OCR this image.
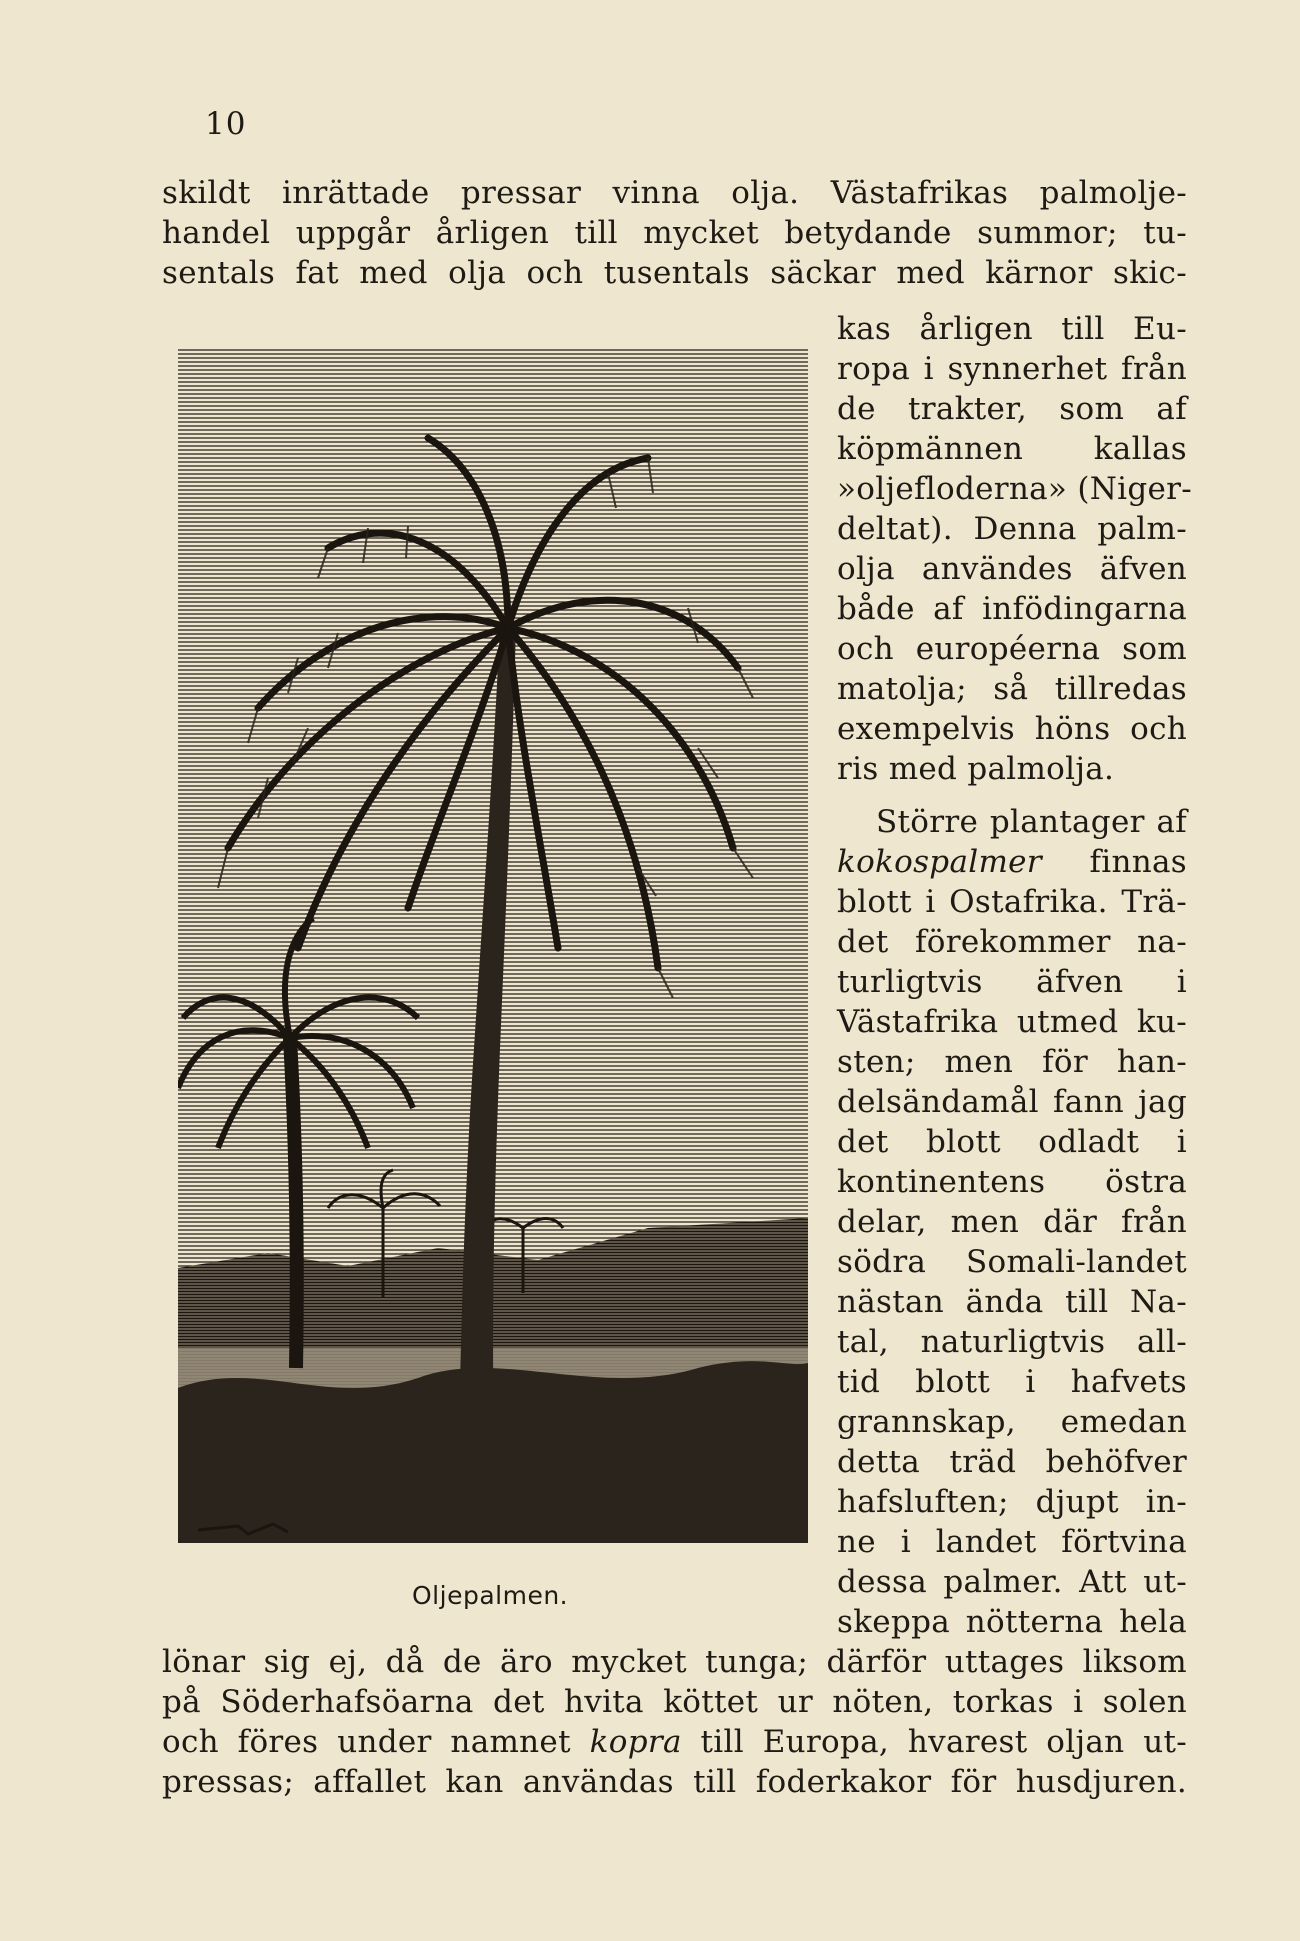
10
skildt inrättade pressar vinna olja. Västafrikas palmolje-
handel uppgår årligen till mycket betydande summor; tu-
sentals fat med olja och tusentals säckar med kärnor skic-
kas årligen till Eu-
ropa i synnerhet från
de trakter, som af
köpmännen kallas
»oljefloderna» (Niger-
deltat). Denna palm-
olja användes äfven
både af infödingarna
och européerna som
matolja; så tillredas
exempelvis höns och
ris med palmolja.
Större plantager af
kokospalmer finnas
blott i Ostafrika. Trä-
det förekommer na-
turligtvis äfven i
Västafrika utmed ku-
sten; men för han-
delsändamål fann jag
det blott odladt i
kontinentens östra
delar, men där från
södra Somali-landet
nästan ända till Na-
tal, naturligtvis all-
tid blott i hafvets
grannskap, emedan
detta träd behöfver
hafsluften; djupt in-
ne i landet förtvina
dessa palmer. Att ut-
skeppa nötterna hela
lönar sig ej, då de äro mycket tunga; därför uttages liksom
på Söderhafsöarna det hvita köttet ur nöten, torkas i solen
och föres under namnet kopra till Europa, hvarest oljan ut-
pressas; affallet kan användas till foderkakor för husdjuren.
Oljepalmen.
